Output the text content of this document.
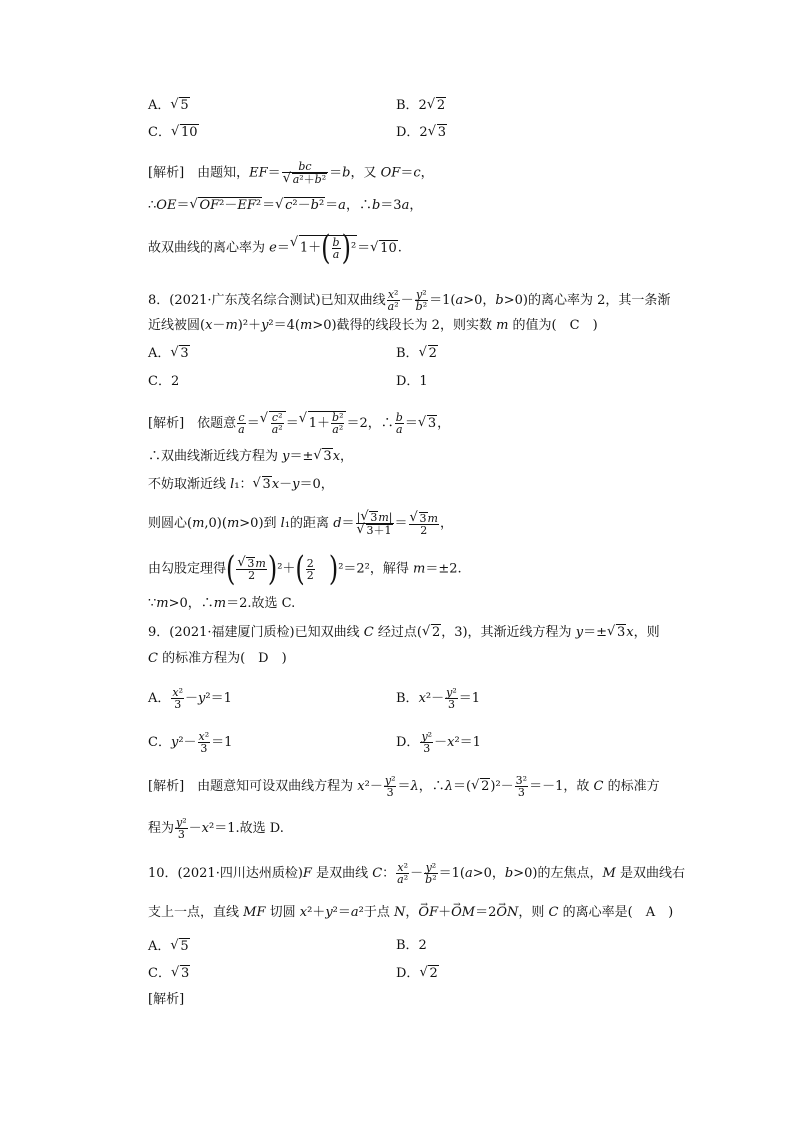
A．√ 5	B．2√ 2
C．√ 10	D．2√ 3
[解析]　由题知，EF＝ bc
√ a²＋b² ＝b，又 OF＝c，
∴OE＝√ OF²－EF²＝√ c²－b²＝a，∴b＝3a，
故双曲线的离心率为 e＝√ $1+( \frac{b}{a} )^2=√$ 10.
8．(2021·广东茂名综合测试)已知双曲线 $\frac{\text{x²}}{\text{a²}} - \frac{\text{y²}}{\text{b²}} =1(a>0$，b>0)的离心率为 2，其一条渐
近线被圆(x－m)²＋y²＝4(m>0)截得的线段长为 2，则实数 m 的值为(　C　)
A．√ 3	B．√ 2
C．2	D．1
[解析]　依题意 $\frac{c}{a}$ ＝
√ $\frac{\text{c²}}{\text{a²}}$ ＝√ $1+ \frac{\text{b²}}{\text{a²}} =2$，∴ $\frac{b}{a}$ ＝√ 3，
∴双曲线渐近线方程为 y＝±√ 3x，
不妨取渐近线 l₁：√ 3x－y＝0，
则圆心(m,0)(m>0)到 l₁的距离 d＝ |√ 3m|
√ 3＋1 ＝
√ $\frac{3m}{2}$ ，
由勾股定理得(
√ $\frac{3m}{2} )^2+( \frac{2}{2}$
　 )²＝2²，解得 m＝±2.
∵m>0，∴m＝2.故选 C.
9．(2021·福建厦门质检)已知双曲线 C 经过点(√ 2，3)，其渐近线方程为 y＝±√ 3x，则
C 的标准方程为(　D　)
A． $\frac{\text{x²}}{3} -y^2=1$	B．$x^2- \frac{\text{y²}}{3} =1$
C．$y^2- \frac{\text{x²}}{3} =1$	D． $\frac{\text{y²}}{3} -x^2=1$
[解析]　由题意知可设双曲线方程为 $x^2- \frac{\text{y²}}{3} =\lambda$，∴λ＝(√ $2)^2- \frac{\text{3²}}{3} =-1$，故 C 的标准方
程为 $\frac{\text{y²}}{3} -x^2=1$.故选 D.
10．(2021·四川达州质检)F 是双曲线 C： $\frac{\text{x²}}{\text{a²}} - \frac{\text{y²}}{\text{b²}} =1(a>0$，b>0)的左焦点，M 是双曲线右
支上一点，直线 MF 切圆 x²＋y²＝a²于点 N，→ OF＋→ OM＝2→ ON，则 C 的离心率是(　A　)
A．√ 5	B．2
C．√ 3	D．√ 2
[解析]
